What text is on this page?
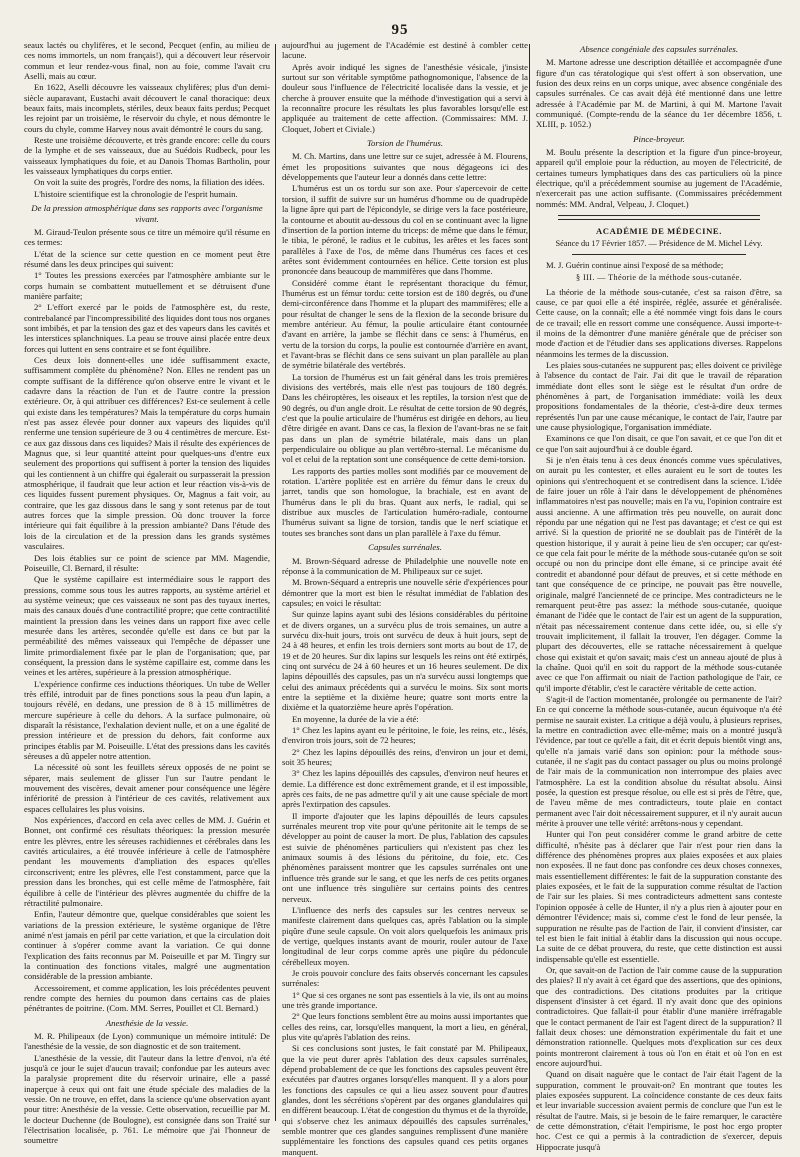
95

seaux lactés ou chylifères, et le second, Pecquet (enfin, au milieu de ces noms immortels, un nom français!), qui a découvert leur réservoir commun et leur rendez-vous final, non au foie, comme l'avait cru Aselli, mais au cœur.

En 1622, Aselli découvre les vaisseaux chylifères; plus d'un demi-siècle auparavant, Eustachi avait découvert le canal thoracique: deux beaux faits, mais incomplets, stériles, deux beaux faits perdus; Pecquet les rejoint par un troisième, le réservoir du chyle, et nous démontre le cours du chyle, comme Harvey nous avait démontré le cours du sang.

Reste une troisième découverte, et très grande encore: celle du cours de la lymphe et de ses vaisseaux, due au Suédois Rudbeck, pour les vaisseaux lymphatiques du foie, et au Danois Thomas Bartholin, pour les vaisseaux lymphatiques du corps entier.

On voit la suite des progrès, l'ordre des noms, la filiation des idées.

L'histoire scientifique est la chronologie de l'esprit humain.

De la pression atmosphérique dans ses rapports avec l'organisme vivant.

M. Giraud-Teulon présente sous ce titre un mémoire qu'il résume en ces termes:

L'état de la science sur cette question en ce moment peut être résumé dans les deux principes qui suivent:

1° Toutes les pressions exercées par l'atmosphère ambiante sur le corps humain se combattent mutuellement et se détruisent d'une manière parfaite;

2° L'effort exercé par le poids de l'atmosphère est, du reste, contrebalancé par l'incompressibilité des liquides dont tous nos organes sont imbibés, et par la tension des gaz et des vapeurs dans les cavités et les interstices splanchniques. La peau se trouve ainsi placée entre deux forces qui luttent en sens contraire et se font équilibre.

Ces deux lois donnent-elles une idée suffisamment exacte, suffisamment complète du phénomène? Non. Elles ne rendent pas un compte suffisant de la différence qu'on observe entre le vivant et le cadavre dans la réaction de l'un et de l'autre contre la pression extérieure. Or, à qui attribuer ces différences? Est-ce seulement à celle qui existe dans les températures? Mais la température du corps humain n'est pas assez élevée pour donner aux vapeurs des liquides qu'il renferme une tension supérieure de 3 ou 4 centimètres de mercure. Est-ce aux gaz dissous dans ces liquides? Mais il résulte des expériences de Magnus que, si leur quantité atteint pour quelques-uns d'entre eux seulement des proportions qui suffisent à porter la tension des liquides qui les contiennent à un chiffre qui égalerait ou surpasserait la pression atmosphérique, il faudrait que leur action et leur réaction vis-à-vis de ces liquides fussent purement physiques. Or, Magnus a fait voir, au contraire, que les gaz dissous dans le sang y sont retenus par de tout autres forces que la simple pression. Où donc trouver la force intérieure qui fait équilibre à la pression ambiante? Dans l'étude des lois de la circulation et de la pression dans les grands systèmes vasculaires.

Des lois établies sur ce point de science par MM. Magendie, Poiseuille, Cl. Bernard, il résulte:

Que le système capillaire est intermédiaire sous le rapport des pressions, comme sous tous les autres rapports, au système artériel et au système veineux; que ces vaisseaux ne sont pas des tuyaux inertes, mais des canaux doués d'une contractilité propre; que cette contractilité maintient la pression dans les veines dans un rapport fixe avec celle mesurée dans les artères, secondée qu'elle est dans ce but par la perméabilité des mêmes vaisseaux qui l'empêche de dépasser une limite primordialement fixée par le plan de l'organisation; que, par conséquent, la pression dans le système capillaire est, comme dans les veines et les artères, supérieure à la pression atmosphérique.

L'expérience confirme ces inductions théoriques. Un tube de Weller très effilé, introduit par de fines ponctions sous la peau d'un lapin, a toujours révélé, en dedans, une pression de 8 à 15 millimètres de mercure supérieure à celle du dehors. A la surface pulmonaire, où disparaît la résistance, l'exhalation devient nulle, et on a une égalité de pression intérieure et de pression du dehors, fait conforme aux principes établis par M. Poiseuille. L'état des pressions dans les cavités séreuses a dû appeler notre attention.

La nécessité où sont les feuillets séreux opposés de ne point se séparer, mais seulement de glisser l'un sur l'autre pendant le mouvement des viscères, devait amener pour conséquence une légère infériorité de pression à l'intérieur de ces cavités, relativement aux espaces cellulaires les plus voisins.

Nos expériences, d'accord en cela avec celles de MM. J. Guérin et Bonnet, ont confirmé ces résultats théoriques: la pression mesurée entre les plèvres, entre les séreuses rachidiennes et cérébrales dans les cavités articulaires, a été trouvée inférieure à celle de l'atmosphère pendant les mouvements d'ampliation des espaces qu'elles circonscrivent; entre les plèvres, elle l'est constamment, parce que la pression dans les bronches, qui est celle même de l'atmosphère, fait équilibre à celle de l'intérieur des plèvres augmentée du chiffre de la rétractilité pulmonaire.

Enfin, l'auteur démontre que, quelque considérables que soient les variations de la pression extérieure, le système organique de l'être animé n'est jamais en péril par cette variation, et que la circulation doit continuer à s'opérer comme avant la variation. Ce qui donne l'explication des faits reconnus par M. Poiseuille et par M. Tingry sur la continuation des fonctions vitales, malgré une augmentation considérable de la pression ambiante.

Accessoirement, et comme application, les lois précédentes peuvent rendre compte des hernies du poumon dans certains cas de plaies pénétrantes de poitrine. (Com. MM. Serres, Pouillet et Cl. Bernard.)

Anesthésie de la vessie.

M. R. Philipeaux (de Lyon) communique un mémoire intitulé: De l'anesthésie de la vessie, de son diagnostic et de son traitement.

L'anesthésie de la vessie, dit l'auteur dans la lettre d'envoi, n'a été jusqu'à ce jour le sujet d'aucun travail; confondue par les auteurs avec la paralysie proprement dite du réservoir urinaire, elle a passé inaperçue à ceux qui ont fait une étude spéciale des maladies de la vessie. On ne trouve, en effet, dans la science qu'une observation ayant pour titre: Anesthésie de la vessie. Cette observation, recueillie par M. le docteur Duchenne (de Boulogne), est consignée dans son Traité sur l'électrisation localisée, p. 761. Le mémoire que j'ai l'honneur de soumettre

aujourd'hui au jugement de l'Académie est destiné à combler cette lacune.

Après avoir indiqué les signes de l'anesthésie vésicale, j'insiste surtout sur son véritable symptôme pathognomonique, l'absence de la douleur sous l'influence de l'électricité localisée dans la vessie, et je cherche à prouver ensuite que la méthode d'investigation qui a servi à la reconnaître procure les résultats les plus favorables lorsqu'elle est appliquée au traitement de cette affection. (Commissaires: MM. J. Cloquet, Jobert et Civiale.)

Torsion de l'humérus.

M. Ch. Martins, dans une lettre sur ce sujet, adressée à M. Flourens, émet les propositions suivantes que nous dégageons ici des développements que l'auteur leur a donnés dans cette lettre:

L'humérus est un os tordu sur son axe. Pour s'apercevoir de cette torsion, il suffit de suivre sur un humérus d'homme ou de quadrupède la ligne âpre qui part de l'épicondyle, se dirige vers la face postérieure, la contourne et aboutit au-dessous du col en se continuant avec la ligne d'insertion de la portion interne du triceps: de même que dans le fémur, le tibia, le péroné, le radius et le cubitus, les arêtes et les faces sont parallèles à l'axe de l'os, de même dans l'humérus ces faces et ces arêtes sont évidemment contournées en hélice. Cette torsion est plus prononcée dans beaucoup de mammifères que dans l'homme.

Considéré comme étant le représentant thoracique du fémur, l'humérus est un fémur tordu: cette torsion est de 180 degrés, ou d'une demi-circonférence dans l'homme et la plupart des mammifères; elle a pour résultat de changer le sens de la flexion de la seconde brisure du membre antérieur. Au fémur, la poulie articulaire étant contournée d'avant en arrière, la jambe se fléchit dans ce sens: à l'humérus, en vertu de la torsion du corps, la poulie est contournée d'arrière en avant, et l'avant-bras se fléchit dans ce sens suivant un plan parallèle au plan de symétrie bilatérale des vertébrés.

La torsion de l'humérus est un fait général dans les trois premières divisions des vertébrés, mais elle n'est pas toujours de 180 degrés. Dans les chéiroptères, les oiseaux et les reptiles, la torsion n'est que de 90 degrés, ou d'un angle droit. Le résultat de cette torsion de 90 degrés, c'est que la poulie articulaire de l'humérus est dirigée en dehors, au lieu d'être dirigée en avant. Dans ce cas, la flexion de l'avant-bras ne se fait pas dans un plan de symétrie bilatérale, mais dans un plan perpendiculaire ou oblique au plan vertébro-sternal. Le mécanisme du vol et celui de la reptation sont une conséquence de cette demi-torsion.

Les rapports des parties molles sont modifiés par ce mouvement de rotation. L'artère poplitée est en arrière du fémur dans le creux du jarret, tandis que son homologue, la brachiale, est en avant de l'humérus dans le pli du bras. Quant aux nerfs, le radial, qui se distribue aux muscles de l'articulation huméro-radiale, contourne l'humérus suivant sa ligne de torsion, tandis que le nerf sciatique et toutes ses branches sont dans un plan parallèle à l'axe du fémur.

Capsules surrénales.

M. Brown-Séquard adresse de Philadelphie une nouvelle note en réponse à la communication de M. Philipeaux sur ce sujet.

M. Brown-Séquard a entrepris une nouvelle série d'expériences pour démontrer que la mort est bien le résultat immédiat de l'ablation des capsules; en voici le résultat:

Sur quinze lapins ayant subi des lésions considérables du péritoine et de divers organes, un a survécu plus de trois semaines, un autre a survécu dix-huit jours, trois ont survécu de deux à huit jours, sept de 24 à 48 heures, et enfin les trois derniers sont morts au bout de 17, de 19 et de 20 heures. Sur dix lapins sur lesquels les reins ont été extirpés, cinq ont survécu de 24 à 60 heures et un 16 heures seulement. De dix lapins dépouillés des capsules, pas un n'a survécu aussi longtemps que celui des animaux précédents qui a survécu le moins. Six sont morts entre la septième et la dixième heure; quatre sont morts entre la dixième et la quatorzième heure après l'opération.

En moyenne, la durée de la vie a été:

1° Chez les lapins ayant eu le péritoine, le foie, les reins, etc., lésés, d'environ trois jours, soit de 72 heures;

2° Chez les lapins dépouillés des reins, d'environ un jour et demi, soit 35 heures;

3° Chez les lapins dépouillés des capsules, d'environ neuf heures et demie. La différence est donc extrêmement grande, et il est impossible, après ces faits, de ne pas admettre qu'il y ait une cause spéciale de mort après l'extirpation des capsules.

Il importe d'ajouter que les lapins dépouillés de leurs capsules surrénales meurent trop vite pour qu'une péritonite ait le temps de se développer au point de causer la mort. De plus, l'ablation des capsules est suivie de phénomènes particuliers qui n'existent pas chez les animaux soumis à des lésions du péritoine, du foie, etc. Ces phénomènes paraissent montrer que les capsules surrénales ont une influence très grande sur le sang, et que les nerfs de ces petits organes ont une influence très singulière sur certains points des centres nerveux.

L'influence des nerfs des capsules sur les centres nerveux se manifeste clairement dans quelques cas, après l'ablation ou la simple piqûre d'une seule capsule. On voit alors quelquefois les animaux pris de vertige, quelques instants avant de mourir, rouler autour de l'axe longitudinal de leur corps comme après une piqûre du pédoncule cérébelleux moyen.

Je crois pouvoir conclure des faits observés concernant les capsules surrénales:

1° Que si ces organes ne sont pas essentiels à la vie, ils ont au moins une très grande importance.

2° Que leurs fonctions semblent être au moins aussi importantes que celles des reins, car, lorsqu'elles manquent, la mort a lieu, en général, plus vite qu'après l'ablation des reins.

Si ces conclusions sont justes, le fait constaté par M. Philipeaux, que la vie peut durer après l'ablation des deux capsules surrénales, dépend probablement de ce que les fonctions des capsules peuvent être exécutées par d'autres organes lorsqu'elles manquent. Il y a alors pour les fonctions des capsules ce qui a lieu assez souvent pour d'autres glandes, dont les sécrétions s'opèrent par des organes glandulaires qui en diffèrent beaucoup. L'état de congestion du thymus et de la thyroïde, qui s'observe chez les animaux dépouillés des capsules surrénales, semble montrer que ces glandes sanguines remplissent d'une manière supplémentaire les fonctions des capsules quand ces petits organes manquent.

Absence congéniale des capsules surrénales.

M. Martone adresse une description détaillée et accompagnée d'une figure d'un cas tératologique qui s'est offert à son observation, une fusion des deux reins en un corps unique, avec absence congéniale des capsules surrénales. Ce cas avait déjà été mentionné dans une lettre adressée à l'Académie par M. de Martini, à qui M. Martone l'avait communiqué. (Compte-rendu de la séance du 1er décembre 1856, t. XLIII, p. 1052.)

Pince-broyeur.

M. Boulu présente la description et la figure d'un pince-broyeur, appareil qu'il emploie pour la réduction, au moyen de l'électricité, de certaines tumeurs lymphatiques dans des cas particuliers où la pince électrique, qu'il a précédemment soumise au jugement de l'Académie, n'exercerait pas une action suffisante. (Commissaires précédemment nommés: MM. Andral, Velpeau, J. Cloquet.)

ACADÉMIE DE MÉDECINE.

Séance du 17 Février 1857. — Présidence de M. Michel Lévy.

M. J. Guérin continue ainsi l'exposé de sa méthode;

§ III. — Théorie de la méthode sous-cutanée.

La théorie de la méthode sous-cutanée, c'est sa raison d'être, sa cause, ce par quoi elle a été inspirée, réglée, assurée et généralisée. Cette cause, on la connaît; elle a été nommée vingt fois dans le cours de ce travail; elle en ressort comme une conséquence. Aussi importe-t-il moins de la démontrer d'une manière générale que de préciser son mode d'action et de l'étudier dans ses applications diverses. Rappelons néanmoins les termes de la discussion.

Les plaies sous-cutanées ne suppurent pas; elles doivent ce privilège à l'absence du contact de l'air. J'ai dit que le travail de réparation immédiate dont elles sont le siège est le résultat d'un ordre de phénomènes à part, de l'organisation immédiate: voilà les deux propositions fondamentales de la théorie, c'est-à-dire deux termes représentés l'un par une cause mécanique, le contact de l'air, l'autre par une cause physiologique, l'organisation immédiate.

Examinons ce que l'on disait, ce que l'on savait, et ce que l'on dit et ce que l'on sait aujourd'hui à ce double égard.

Si je n'en étais tenu à ces deux énoncés comme vues spéculatives, on aurait pu les contester, et elles auraient eu le sort de toutes les opinions qui s'entrechoquent et se contredisent dans la science. L'idée de faire jouer un rôle à l'air dans le développement de phénomènes inflammatoires n'est pas nouvelle; mais en l'a vu, l'opinion contraire est aussi ancienne. A une affirmation très peu nouvelle, on aurait donc répondu par une négation qui ne l'est pas davantage; et c'est ce qui est arrivé. Si la question de priorité ne se doublait pas de l'intérêt de la question historique, il y aurait à peine lieu de s'en occuper; car qu'est-ce que cela fait pour le mérite de la méthode sous-cutanée qu'on se soit occupé ou non du principe dont elle émane, si ce principe avait été contredit et abandonné pour défaut de preuves, et si cette méthode en tant que conséquence de ce principe, ne pouvait pas être nouvelle, originale, malgré l'ancienneté de ce principe. Mes contradicteurs ne le remarquent peut-être pas assez: la méthode sous-cutanée, quoique émanant de l'idée que le contact de l'air est un agent de la suppuration, n'était pas nécessairement contenue dans cette idée, ou, si elle s'y trouvait implicitement, il fallait la trouver, l'en dégager. Comme la plupart des découvertes, elle se rattache nécessairement à quelque chose qui existait et qu'on savait; mais c'est un anneau ajouté de plus à la chaîne. Quoi qu'il en soit du rapport de la méthode sous-cutanée avec ce que l'on affirmait ou niait de l'action pathologique de l'air, ce qu'il importe d'établir, c'est le caractère véritable de cette action.

S'agit-il de l'action momentanée, prolongée ou permanente de l'air? En ce qui concerne la méthode sous-cutanée, aucun équivoque n'a été permise ne saurait exister. La critique a déjà voulu, à plusieurs reprises, la mettre en contradiction avec elle-même; mais on a montré jusqu'à l'évidence, par tout ce qu'elle a fait, dit et écrit depuis bientôt vingt ans, qu'elle n'a jamais varié dans son opinion: pour la méthode sous-cutanée, il ne s'agit pas du contact passager ou plus ou moins prolongé de l'air mais de la communication non interrompue des plaies avec l'atmosphère. La est la condition absolue du résultat absolu. Ainsi posée, la question est presque résolue, ou elle est si près de l'être, que, de l'aveu même de mes contradicteurs, toute plaie en contact permanent avec l'air doit nécessairement suppurer, et il n'y aurait aucun mérite à prouver une telle vérité: arrêtons-nous y cependant.

Hunter qui l'on peut considérer comme le grand arbitre de cette difficulté, n'hésite pas à déclarer que l'air n'est pour rien dans la différence des phénomènes propres aux plaies exposées et aux plaies non exposées. Il ne faut donc pas confondre ces deux choses connexes, mais essentiellement différentes: le fait de la suppuration constante des plaies exposées, et le fait de la suppuration comme résultat de l'action de l'air sur les plaies. Si mes contradicteurs admettent sans conteste l'opinion opposée à celle de Hunter, il n'y a plus rien à ajouter pour en démontrer l'évidence; mais si, comme c'est le fond de leur pensée, la suppuration ne résulte pas de l'action de l'air, il convient d'insister, car tel est bien le fait initial à établir dans la discussion qui nous occupe. La suite de ce débat prouvera, du reste, que cette distinction est aussi indispensable qu'elle est essentielle.

Or, que savait-on de l'action de l'air comme cause de la suppuration des plaies? Il n'y avait à cet égard que des assertions, que des opinions, que des contradictions. Des citations produites par la critique dispensent d'insister à cet égard. Il n'y avait donc que des opinions contradictoires. Que fallait-il pour établir d'une manière irréfragable que le contact permanent de l'air est l'agent direct de la suppuration? Il fallait deux choses: une démonstration expérimentale du fait et une démonstration rationnelle. Quelques mots d'explication sur ces deux points montreront clairement à tous où l'on en était et où l'on en est encore aujourd'hui.

Quand on disait naguère que le contact de l'air était l'agent de la suppuration, comment le prouvait-on? En montrant que toutes les plaies exposées suppurent. La coïncidence constante de ces deux faits et leur invariable succession avaient permis de conclure que l'un est le résultat de l'autre. Mais, si je besoin de le faire remarquer, le caractère de cette démonstration, c'était l'empirisme, le post hoc ergo propter hoc. C'est ce qui a permis à la contradiction de s'exercer, depuis Hippocrate jusqu'à
